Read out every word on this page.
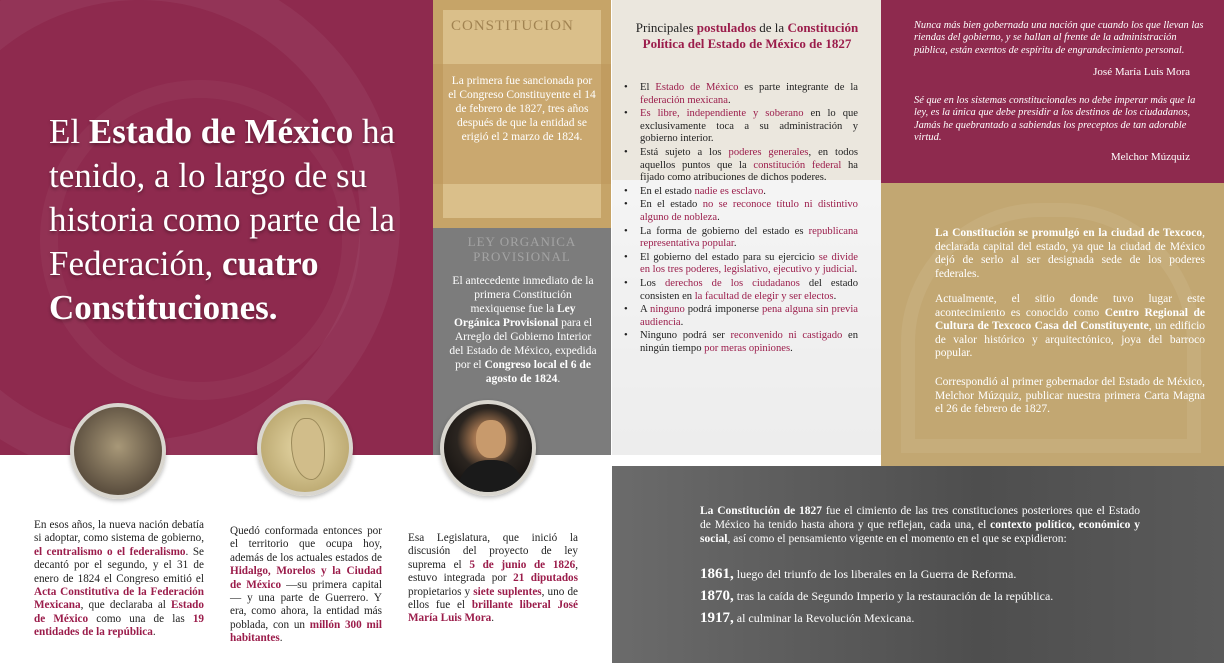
El Estado de México ha tenido, a lo largo de su historia como parte de la Federación, cuatro Constituciones.
CONSTITUCION

La primera fue sancionada por el Congreso Constituyente el 14 de febrero de 1827, tres años después de que la entidad se erigió el 2 marzo de 1824.

LEY ORGANICA PROVISIONAL

El antecedente inmediato de la primera Constitución mexiquense fue la Ley Orgánica Provisional para el Arreglo del Gobierno Interior del Estado de México, expedida por el Congreso local el 6 de agosto de 1824.

Principales postulados de la Constitución Política del Estado de México de 1827
• El Estado de México es parte integrante de la federación mexicana.
• Es libre, independiente y soberano en lo que exclusivamente toca a su administración y gobierno interior.
• Está sujeto a los poderes generales, en todos aquellos puntos que la constitución federal ha fijado como atribuciones de dichos poderes.
• En el estado nadie es esclavo.
• En el estado no se reconoce título ni distintivo alguno de nobleza.
• La forma de gobierno del estado es republicana representativa popular.
• El gobierno del estado para su ejercicio se divide en los tres poderes, legislativo, ejecutivo y judicial.
• Los derechos de los ciudadanos del estado consisten en la facultad de elegir y ser electos.
• A ninguno podrá imponerse pena alguna sin previa audiencia.
• Ninguno podrá ser reconvenido ni castigado en ningún tiempo por meras opiniones.

Nunca más bien gobernada una nación que cuando los que llevan las riendas del gobierno, y se hallan al frente de la administración pública, están exentos de espíritu de engrandecimiento personal.

José María Luis Mora

Sé que en los sistemas constitucionales no debe imperar más que la ley, es la única que debe presidir a los destinos de los ciudadanos, Jamás he quebrantado a sabiendas los preceptos de tan adorable virtud.

Melchor Múzquiz

La Constitución se promulgó en la ciudad de Texcoco, declarada capital del estado, ya que la ciudad de México dejó de serlo al ser designada sede de los poderes federales.

Actualmente, el sitio donde tuvo lugar este acontecimiento es conocido como Centro Regional de Cultura de Texcoco Casa del Constituyente, un edificio de valor histórico y arquitectónico, joya del barroco popular.

Correspondió al primer gobernador del Estado de México, Melchor Múzquiz, publicar nuestra primera Carta Magna el 26 de febrero de 1827.

La Constitución de 1827 fue el cimiento de las tres constituciones posteriores que el Estado de México ha tenido hasta ahora y que reflejan, cada una, el contexto político, económico y social, así como el pensamiento vigente en el momento en el que se expidieron:

1861, luego del triunfo de los liberales en la Guerra de Reforma.
1870, tras la caída de Segundo Imperio y la restauración de la república.
1917, al culminar la Revolución Mexicana.

En esos años, la nueva nación debatía si adoptar, como sistema de gobierno, el centralismo o el federalismo. Se decantó por el segundo, y el 31 de enero de 1824 el Congreso emitió el Acta Constitutiva de la Federación Mexicana, que declaraba al Estado de México como una de las 19 entidades de la república.

Quedó conformada entonces por el territorio que ocupa hoy, además de los actuales estados de Hidalgo, Morelos y la Ciudad de México —su primera capital— y una parte de Guerrero. Y era, como ahora, la entidad más poblada, con un millón 300 mil habitantes.

Esa Legislatura, que inició la discusión del proyecto de ley suprema el 5 de junio de 1826, estuvo integrada por 21 diputados propietarios y siete suplentes, uno de ellos fue el brillante liberal José María Luis Mora.
